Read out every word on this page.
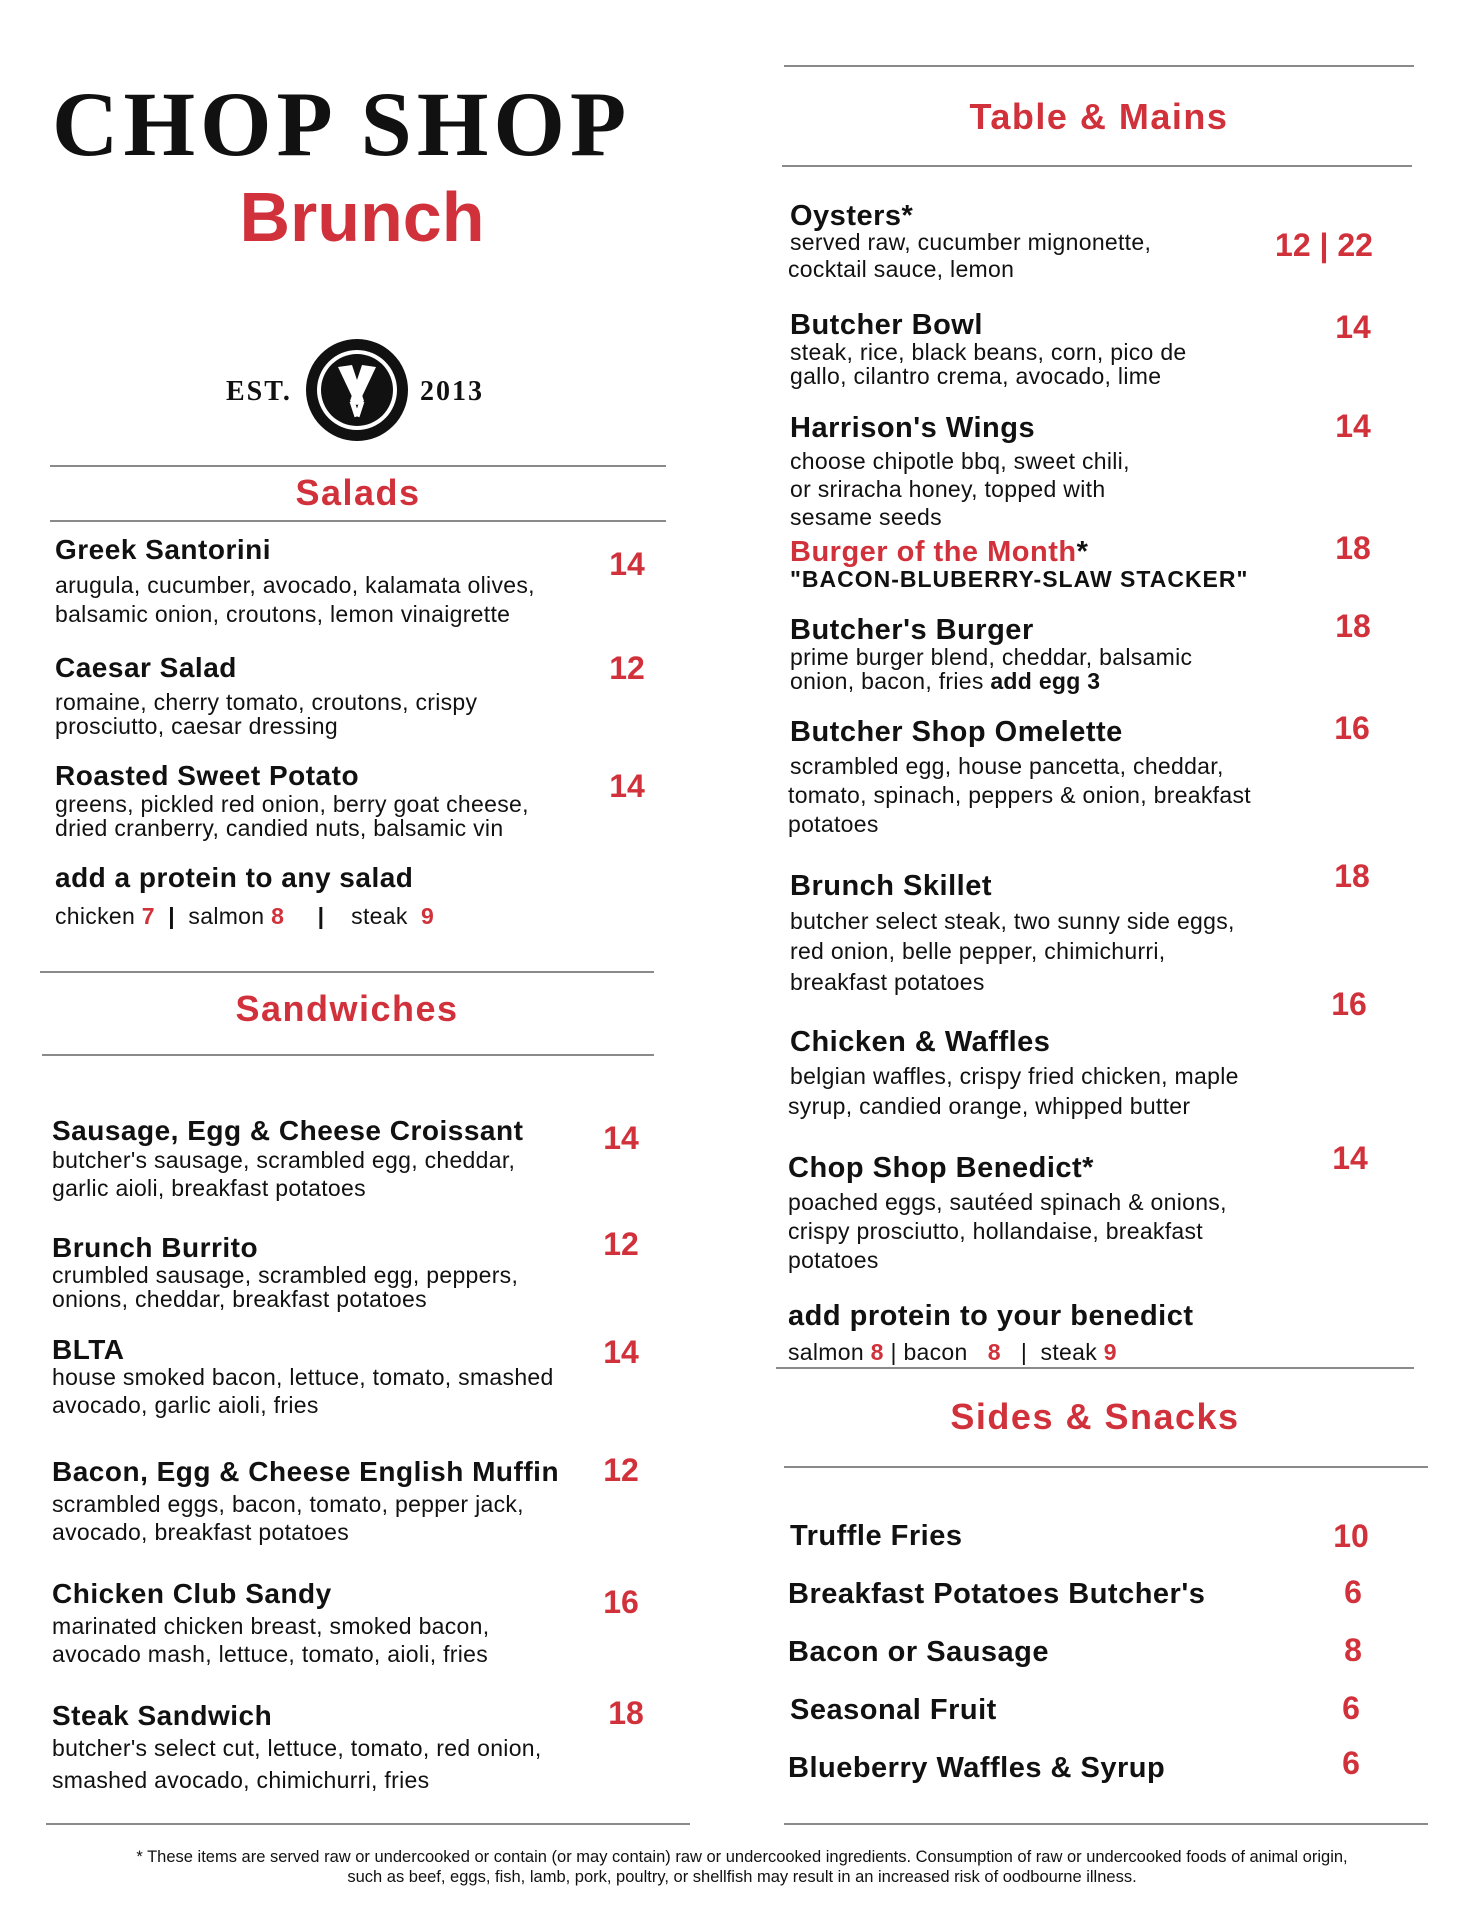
CHOP SHOP
Brunch
EST.	2013
Salads
Greek Santorini
arugula, cucumber, avocado, kalamata olives,
balsamic onion, croutons, lemon vinaigrette
14
Caesar Salad
romaine, cherry tomato, croutons, crispy
prosciutto, caesar dressing
12
Roasted Sweet Potato
greens, pickled red onion, berry goat cheese,
dried cranberry, candied nuts, balsamic vin
14
add a protein to any salad
chicken 7  |  salmon 8     |    steak 9
Sandwiches
Sausage, Egg & Cheese Croissant
butcher's sausage, scrambled egg, cheddar,
garlic aioli, breakfast potatoes
14
Brunch Burrito
crumbled sausage, scrambled egg, peppers,
onions, cheddar, breakfast potatoes
12
BLTA
house smoked bacon, lettuce, tomato, smashed
avocado, garlic aioli, fries
14
Bacon, Egg & Cheese English Muffin
scrambled eggs, bacon, tomato, pepper jack,
avocado, breakfast potatoes
12
Chicken Club Sandy
marinated chicken breast, smoked bacon,
avocado mash, lettuce, tomato, aioli, fries
16
Steak Sandwich
butcher's select cut, lettuce, tomato, red onion,
smashed avocado, chimichurri, fries
18
Table & Mains
Oysters*
served raw, cucumber mignonette,
cocktail sauce, lemon
12 | 22
Butcher Bowl
steak, rice, black beans, corn, pico de
gallo, cilantro crema, avocado, lime
14
Harrison's Wings
choose chipotle bbq, sweet chili,
or sriracha honey, topped with
sesame seeds
14
Burger of the Month*
"BACON-BLUBERRY-SLAW STACKER"
18
Butcher's Burger
prime burger blend, cheddar, balsamic
onion, bacon, fries add egg 3
18
Butcher Shop Omelette
scrambled egg, house pancetta, cheddar,
tomato, spinach, peppers & onion, breakfast
potatoes
16
Brunch Skillet
butcher select steak, two sunny side eggs,
red onion, belle pepper, chimichurri,
breakfast potatoes
18
Chicken & Waffles
belgian waffles, crispy fried chicken, maple
syrup, candied orange, whipped butter
16
Chop Shop Benedict*
poached eggs, sautéed spinach & onions,
crispy prosciutto, hollandaise, breakfast
potatoes
14
add protein to your benedict
salmon 8 | bacon 8 | steak 9
Sides & Snacks
Truffle Fries	10
Breakfast Potatoes Butcher's	6
Bacon or Sausage	8
Seasonal Fruit	6
Blueberry Waffles & Syrup	6
* These items are served raw or undercooked or contain (or may contain) raw or undercooked ingredients. Consumption of raw or undercooked foods of animal origin,
such as beef, eggs, fish, lamb, pork, poultry, or shellfish may result in an increased risk of oodbourne illness.
